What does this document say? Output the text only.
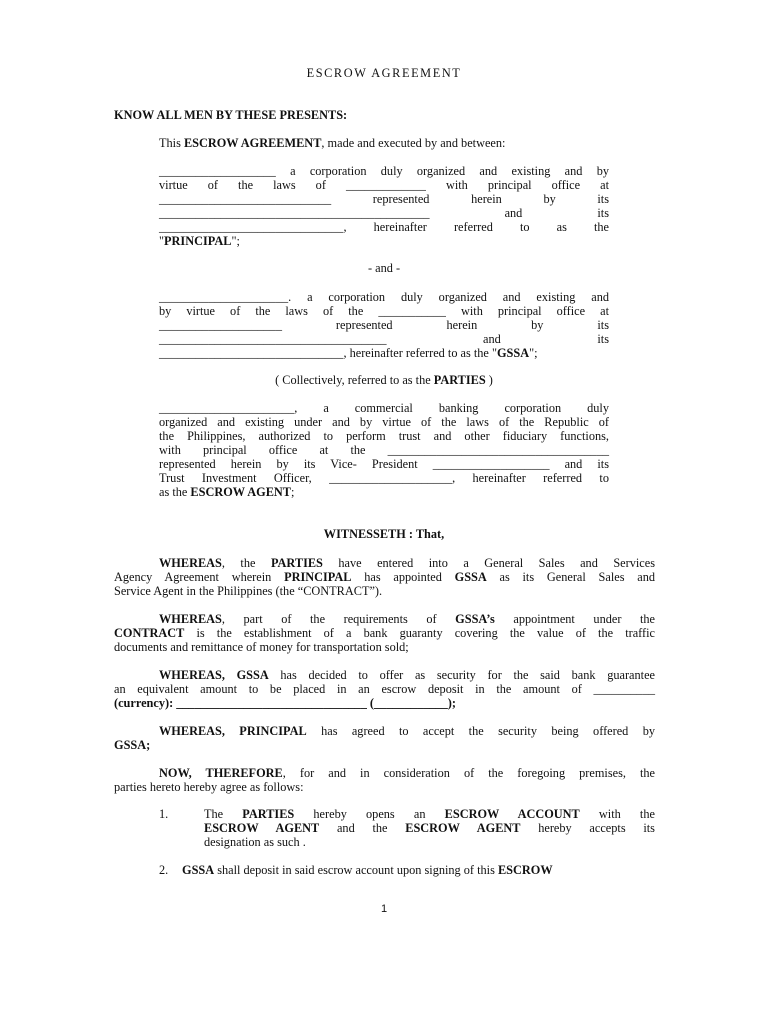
ESCROW AGREEMENT
KNOW ALL MEN BY THESE PRESENTS:
This ESCROW AGREEMENT, made and executed by and between:
___________________ a corporation duly organized and existing and by
virtue of the laws of _____________ with principal office at
____________________________ represented herein by its
____________________________________________ and its
______________________________, hereinafter referred to as the
"PRINCIPAL";
- and -
_____________________. a corporation duly organized and existing and
by virtue of the laws of the ___________ with principal office at
____________________ represented herein by its
_____________________________________ and its
______________________________, hereinafter referred to as the "GSSA";
( Collectively, referred to as the PARTIES )
______________________, a commercial banking corporation duly
organized and existing under and by virtue of the laws of the Republic of
the Philippines, authorized to perform trust and other fiduciary functions,
with principal office at the ____________________________________
represented herein by its Vice- President ___________________ and its
Trust Investment Officer, ____________________, hereinafter referred to
as the ESCROW AGENT;
WITNESSETH : That,
WHEREAS, the PARTIES have entered into a General Sales and Services
Agency Agreement wherein PRINCIPAL has appointed GSSA as its General Sales and
Service Agent in the Philippines (the “CONTRACT”).
WHEREAS, part of the requirements of GSSA’s appointment under the
CONTRACT is the establishment of a bank guaranty covering the value of the traffic
documents and remittance of money for transportation sold;
WHEREAS, GSSA has decided to offer as security for the said bank guarantee
an equivalent amount to be placed in an escrow deposit in the amount of __________
(currency): _______________________________ (____________);
WHEREAS, PRINCIPAL has agreed to accept the security being offered by
GSSA;
NOW, THEREFORE, for and in consideration of the foregoing premises, the
parties hereto hereby agree as follows:
1.	The PARTIES hereby opens an ESCROW ACCOUNT with the
ESCROW AGENT and the ESCROW AGENT hereby accepts its
designation as such .
2. GSSA shall deposit in said escrow account upon signing of this ESCROW
1
